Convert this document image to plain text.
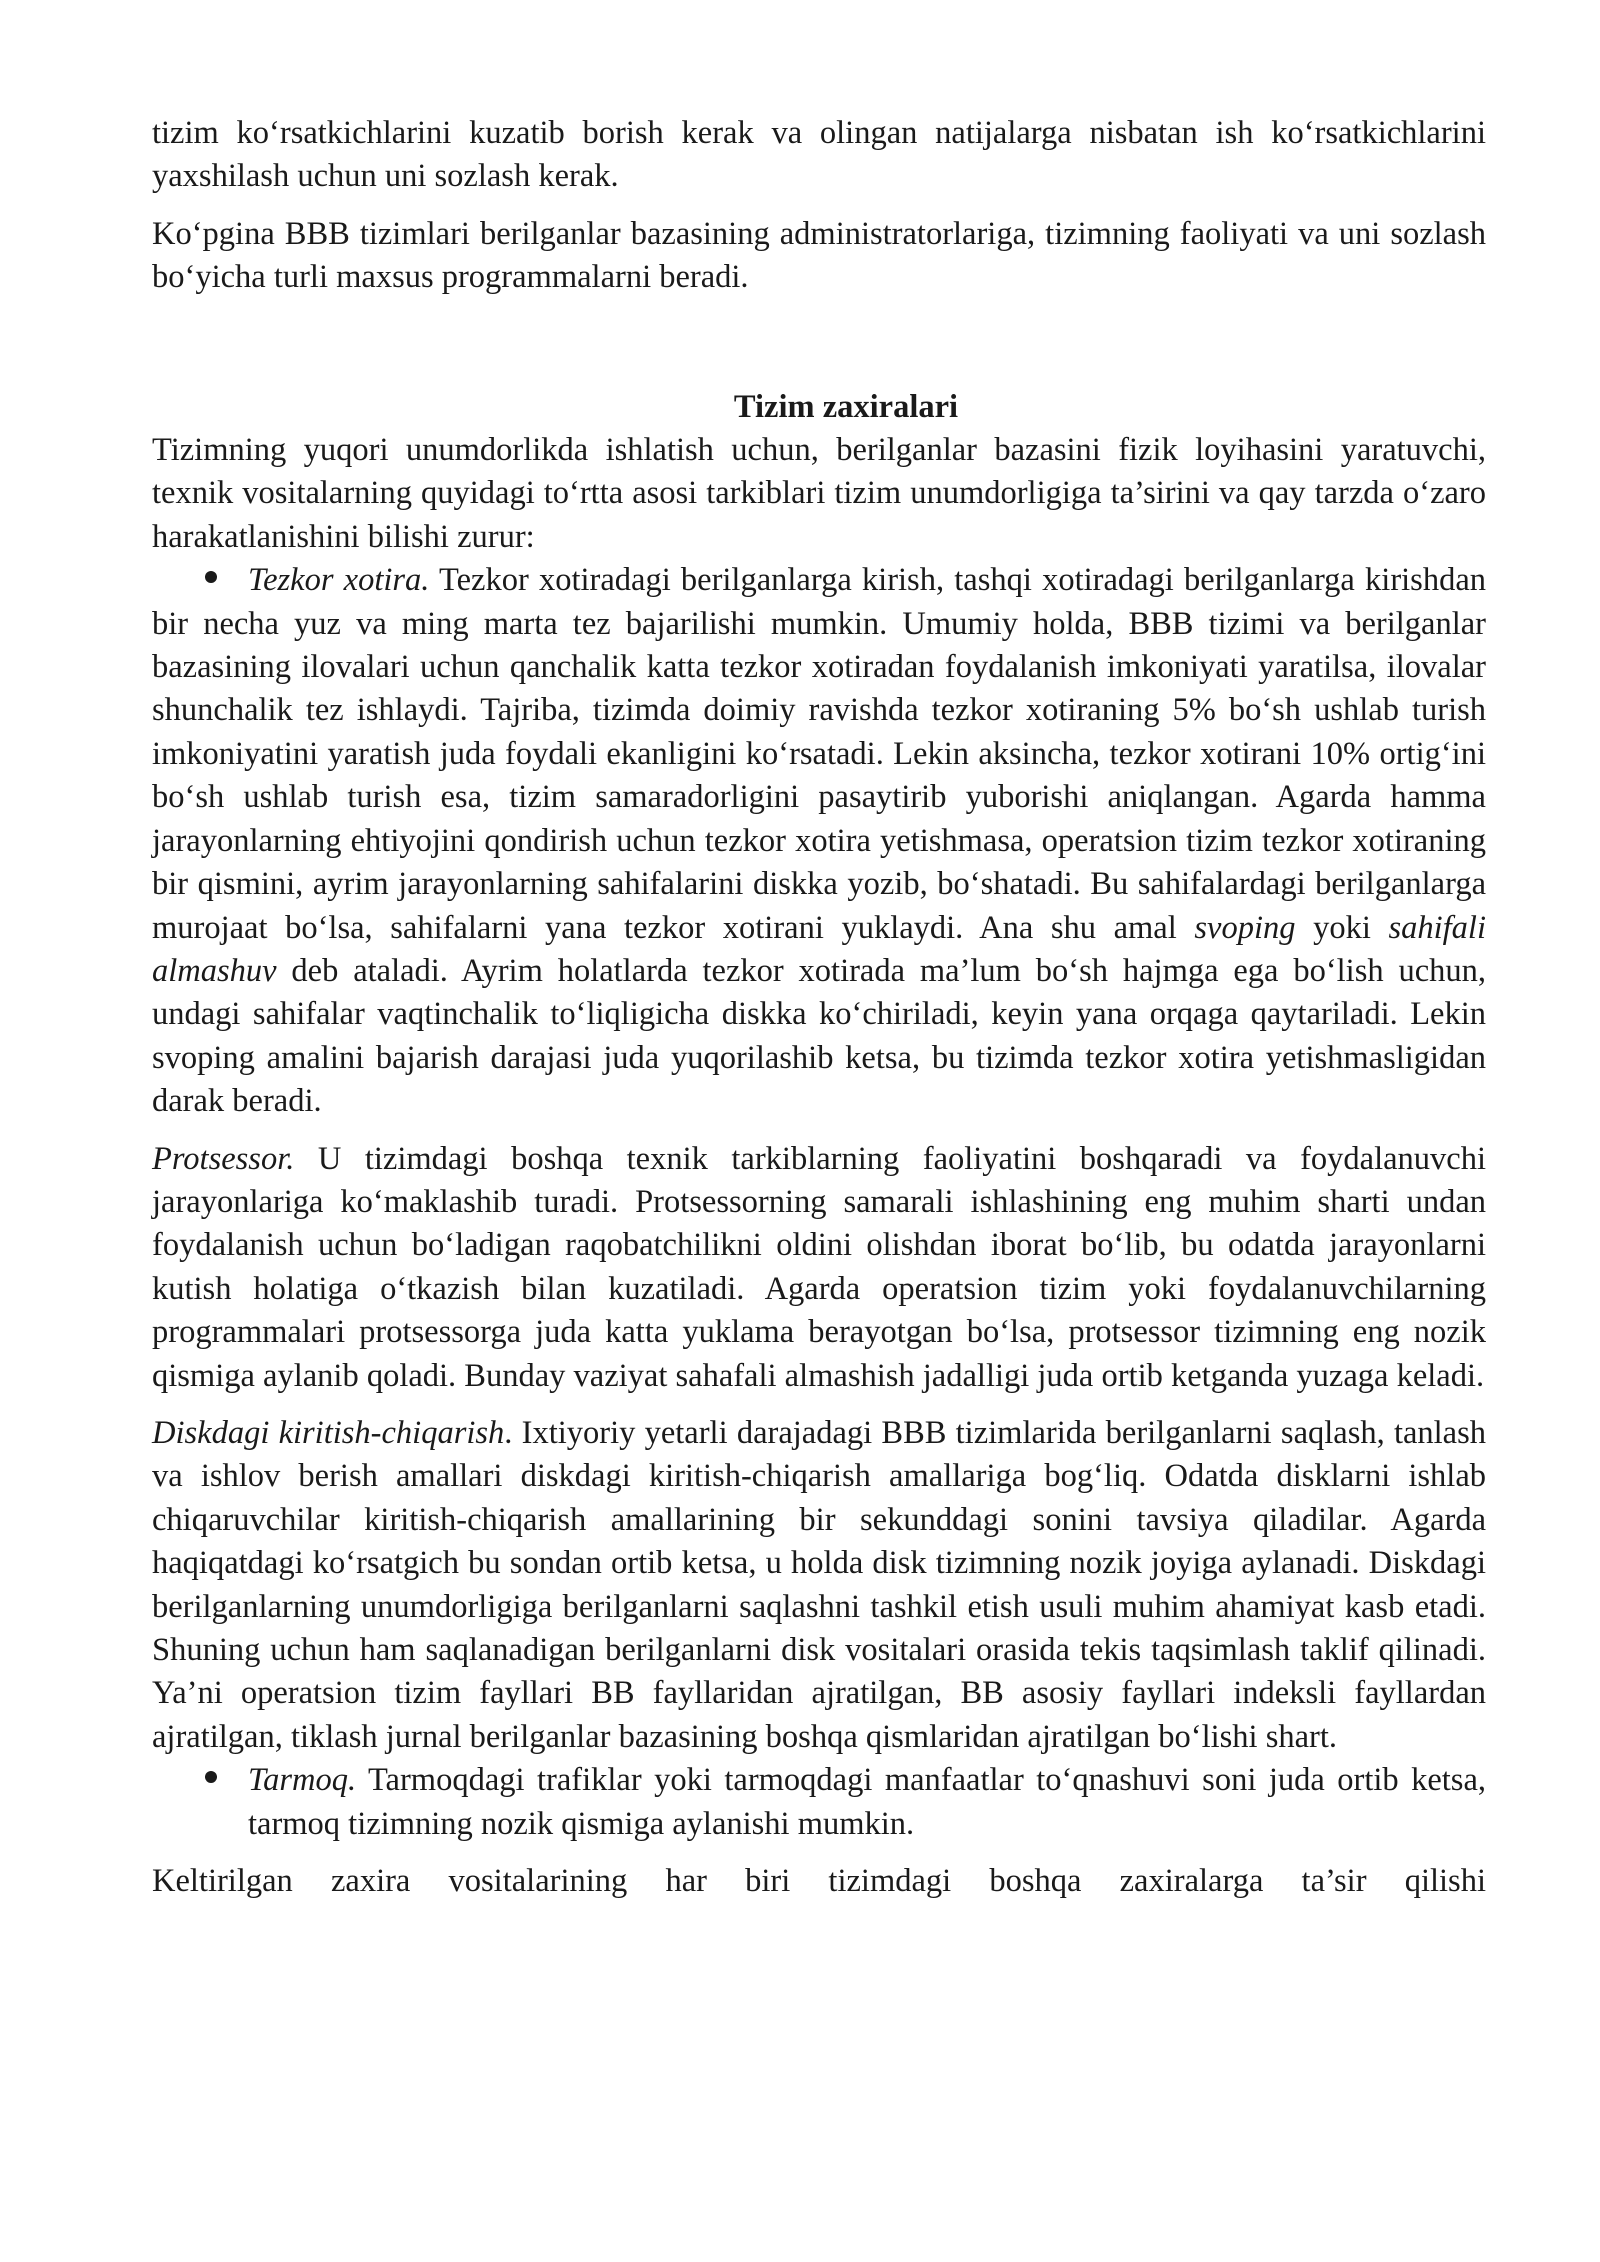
tizim ko‘rsatkichlarini kuzatib borish kerak va olingan natijalarga nisbatan ish ko‘rsatkichlarini yaxshilash uchun uni sozlash kerak.

Ko‘pgina BBB tizimlari berilganlar bazasining administratorlariga, tizimning faoliyati va uni sozlash bo‘yicha turli maxsus programmalarni beradi.

Tizim zaxiralari

Tizimning yuqori unumdorlikda ishlatish uchun, berilganlar bazasini fizik loyihasini yaratuvchi, texnik vositalarning quyidagi to‘rtta asosi tarkiblari tizim unumdorligiga ta’sirini va qay tarzda o‘zaro harakatlanishini bilishi zurur:

Tezkor xotira. Tezkor xotiradagi berilganlarga kirish, tashqi xotiradagi berilganlarga kirishdan bir necha yuz va ming marta tez bajarilishi mumkin. Umumiy holda, BBB tizimi va berilganlar bazasining ilovalari uchun qanchalik katta tezkor xotiradan foydalanish imkoniyati yaratilsa, ilovalar shunchalik tez ishlaydi. Tajriba, tizimda doimiy ravishda tezkor xotiraning 5% bo‘sh ushlab turish imkoniyatini yaratish juda foydali ekanligini ko‘rsatadi. Lekin aksincha, tezkor xotirani 10% ortig‘ini bo‘sh ushlab turish esa, tizim samaradorligini pasaytirib yuborishi aniqlangan. Agarda hamma jarayonlarning ehtiyojini qondirish uchun tezkor xotira yetishmasa, operatsion tizim tezkor xotiraning bir qismini, ayrim jarayonlarning sahifalarini diskka yozib, bo‘shatadi. Bu sahifalardagi berilganlarga murojaat bo‘lsa, sahifalarni yana tezkor xotirani yuklaydi. Ana shu amal svoping yoki sahifali almashuv deb ataladi. Ayrim holatlarda tezkor xotirada ma’lum bo‘sh hajmga ega bo‘lish uchun, undagi sahifalar vaqtinchalik to‘liqligicha diskka ko‘chiriladi, keyin yana orqaga qaytariladi. Lekin svoping amalini bajarish darajasi juda yuqorilashib ketsa, bu tizimda tezkor xotira yetishmasligidan darak beradi.

Protsessor. U tizimdagi boshqa texnik tarkiblarning faoliyatini boshqaradi va foydalanuvchi jarayonlariga ko‘maklashib turadi. Protsessorning samarali ishlashining eng muhim sharti undan foydalanish uchun bo‘ladigan raqobatchilikni oldini olishdan iborat bo‘lib, bu odatda jarayonlarni kutish holatiga o‘tkazish bilan kuzatiladi. Agarda operatsion tizim yoki foydalanuvchilarning programmalari protsessorga juda katta yuklama berayotgan bo‘lsa, protsessor tizimning eng nozik qismiga aylanib qoladi. Bunday vaziyat sahafali almashish jadalligi juda ortib ketganda yuzaga keladi.

Diskdagi kiritish-chiqarish. Ixtiyoriy yetarli darajadagi BBB tizimlarida berilganlarni saqlash, tanlash va ishlov berish amallari diskdagi kiritish-chiqarish amallariga bog‘liq. Odatda disklarni ishlab chiqaruvchilar kiritish-chiqarish amallarining bir sekunddagi sonini tavsiya qiladilar. Agarda haqiqatdagi ko‘rsatgich bu sondan ortib ketsa, u holda disk tizimning nozik joyiga aylanadi. Diskdagi berilganlarning unumdorligiga berilganlarni saqlashni tashkil etish usuli muhim ahamiyat kasb etadi. Shuning uchun ham saqlanadigan berilganlarni disk vositalari orasida tekis taqsimlash taklif qilinadi. Ya’ni operatsion tizim fayllari BB fayllaridan ajratilgan, BB asosiy fayllari indeksli fayllardan ajratilgan, tiklash jurnal berilganlar bazasining boshqa qismlaridan ajratilgan bo‘lishi shart.

Tarmoq. Tarmoqdagi trafiklar yoki tarmoqdagi manfaatlar to‘qnashuvi soni juda ortib ketsa, tarmoq tizimning nozik qismiga aylanishi mumkin.

Keltirilgan zaxira vositalarining har biri tizimdagi boshqa zaxiralarga ta’sir qilishi
